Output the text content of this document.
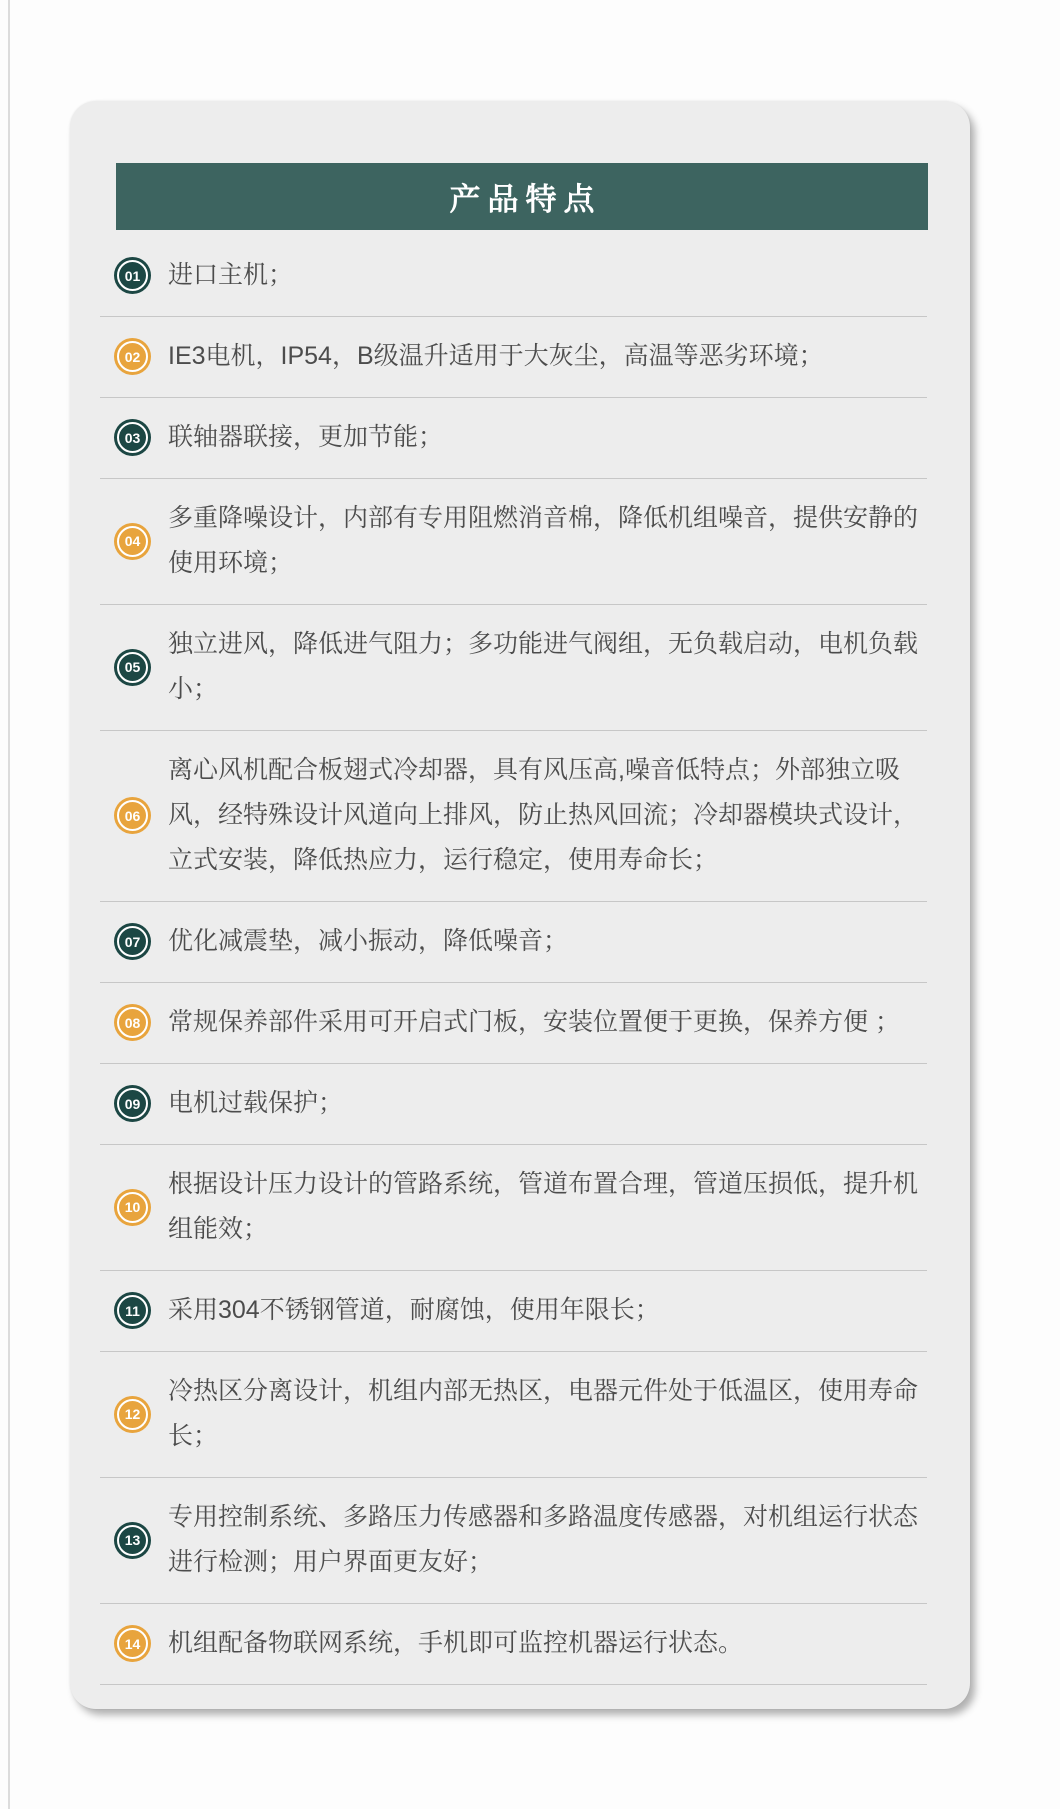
产品特点
01	进口主机；
02	IE3电机，IP54，B级温升适用于大灰尘，高温等恶劣环境；
03	联轴器联接，更加节能；
04
多重降噪设计，内部有专用阻燃消音棉，降低机组噪音，提供安静的使用环境；
05
独立进风，降低进气阻力；多功能进气阀组，无负载启动，电机负载小；
06
离心风机配合板翅式冷却器，具有风压高,噪音低特点；外部独立吸风，经特殊设计风道向上排风，防止热风回流；冷却器模块式设计，立式安装，降低热应力，运行稳定，使用寿命长；
07	优化减震垫，减小振动，降低噪音；
08	常规保养部件采用可开启式门板，安装位置便于更换，保养方便 ；
09	电机过载保护；
10
根据设计压力设计的管路系统，管道布置合理，管道压损低，提升机组能效；
11	采用304不锈钢管道，耐腐蚀，使用年限长；
12
冷热区分离设计，机组内部无热区，电器元件处于低温区，使用寿命长；
13
专用控制系统、多路压力传感器和多路温度传感器，对机组运行状态进行检测；用户界面更友好；
14	机组配备物联网系统，手机即可监控机器运行状态。
